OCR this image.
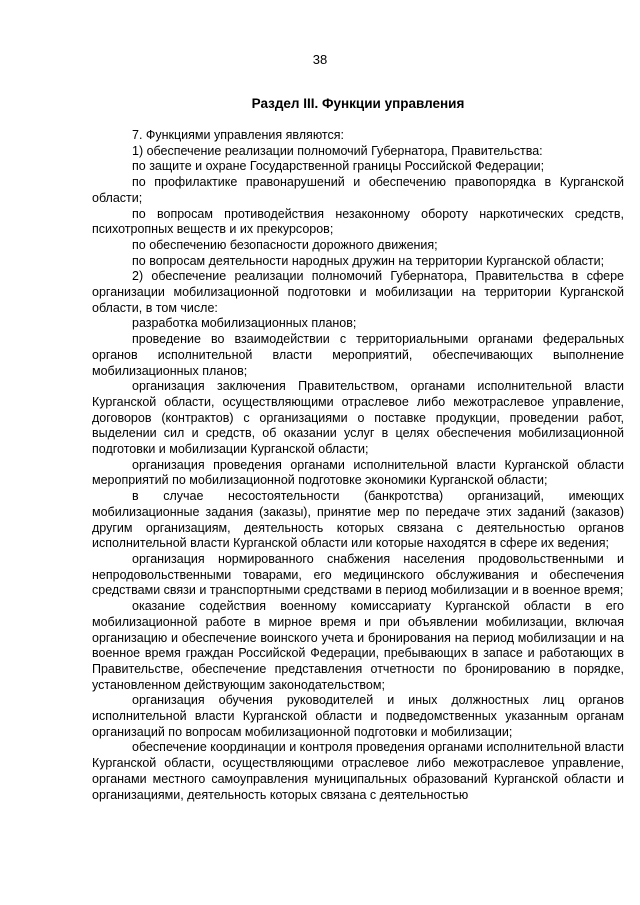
38
Раздел III. Функции управления

7. Функциями управления являются:

1) обеспечение реализации полномочий Губернатора, Правительства:

по защите и охране Государственной границы Российской Федерации;

по профилактике правонарушений и обеспечению правопорядка в Курганской области;

по вопросам противодействия незаконному обороту наркотических средств, психотропных веществ и их прекурсоров;

по обеспечению безопасности дорожного движения;

по вопросам деятельности народных дружин на территории Курганской области;

2) обеспечение реализации полномочий Губернатора, Правительства в сфере организации мобилизационной подготовки и мобилизации на территории Курганской области, в том числе:

разработка мобилизационных планов;

проведение во взаимодействии с территориальными органами федеральных органов исполнительной власти мероприятий, обеспечивающих выполнение мобилизационных планов;

организация заключения Правительством, органами исполнительной власти Курганской области, осуществляющими отраслевое либо межотраслевое управление, договоров (контрактов) с организациями о поставке продукции, проведении работ, выделении сил и средств, об оказании услуг в целях обеспечения мобилизационной подготовки и мобилизации Курганской области;

организация проведения органами исполнительной власти Курганской области мероприятий по мобилизационной подготовке экономики Курганской области;

в случае несостоятельности (банкротства) организаций, имеющих мобилизационные задания (заказы), принятие мер по передаче этих заданий (заказов) другим организациям, деятельность которых связана с деятельностью органов исполнительной власти Курганской области или которые находятся в сфере их ведения;

организация нормированного снабжения населения продовольственными и непродовольственными товарами, его медицинского обслуживания и обеспечения средствами связи и транспортными средствами в период мобилизации и в военное время;

оказание содействия военному комиссариату Курганской области в его мобилизационной работе в мирное время и при объявлении мобилизации, включая организацию и обеспечение воинского учета и бронирования на период мобилизации и на военное время граждан Российской Федерации, пребывающих в запасе и работающих в Правительстве, обеспечение представления отчетности по бронированию в порядке, установленном действующим законодательством;

организация обучения руководителей и иных должностных лиц органов исполнительной власти Курганской области и подведомственных указанным органам организаций по вопросам мобилизационной подготовки и мобилизации;

обеспечение координации и контроля проведения органами исполнительной власти Курганской области, осуществляющими отраслевое либо межотраслевое управление, органами местного самоуправления муниципальных образований Курганской области и организациями, деятельность которых связана с деятельностью
